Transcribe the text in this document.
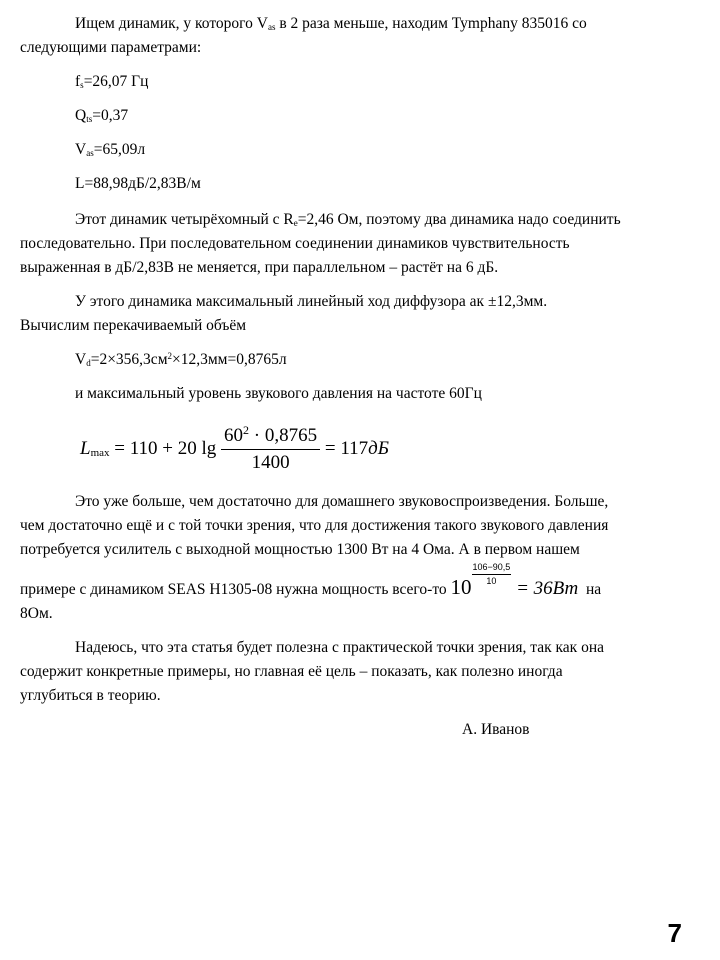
Ищем динамик, у которого $V_{as}$ в 2 раза меньше, находим Tymphany 835016 со
следующими параметрами:
$f_s=26,07$ Гц
$Q_{ts}=0,37$
$V_{as}=65,09л$
L=88,98дБ/2,83В/м
Этот динамик четырёхомный с $R_e=2,46$ Ом, поэтому два динамика надо соединить
последовательно. При последовательном соединении динамиков чувствительность
выраженная в дБ/2,83В не меняется, при параллельном – растёт на 6 дБ.
У этого динамика максимальный линейный ход диффузора ак ±12,3мм.
Вычислим перекачиваемый объём
$V_d=2\times 356,3см^2\times 12,3мм=0,8765л$
и максимальный уровень звукового давления на частоте 60Гц
$L_{max} = 110 + 20$ $\lg \frac{60^2 \cdot 0,8765}{1400} = 117дБ$
Это уже больше, чем достаточно для домашнего звуковоспроизведения. Больше,
чем достаточно ещё и с той точки зрения, что для достижения такого звукового давления
потребуется усилитель с выходной мощностью 1300 Вт на 4 Ома. А в первом нашем
примере с динамиком SEAS H1305-08 нужна мощность всего-то $10 \frac{106-90,5}{10}$
= 36Вт  на
8Ом.
Надеюсь, что эта статья будет полезна с практической точки зрения, так как она
содержит конкретные примеры, но главная её цель – показать, как полезно иногда
углубиться в теорию.
А. Иванов
7
